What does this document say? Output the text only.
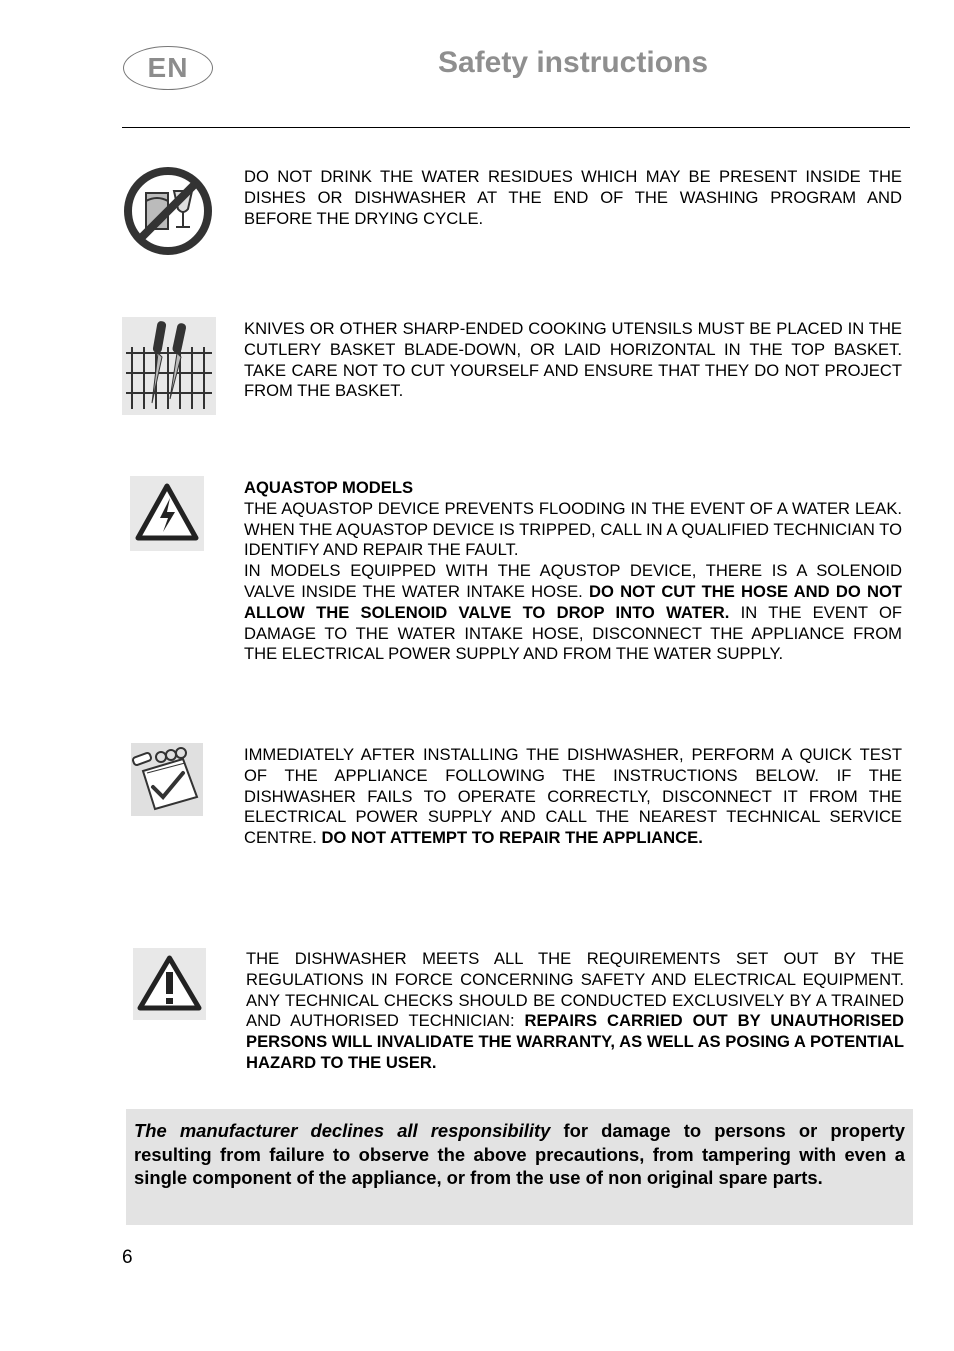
EN	Safety instructions
DO NOT DRINK THE WATER RESIDUES WHICH MAY BE PRESENT INSIDE THE DISHES OR DISHWASHER AT THE END OF THE WASHING PROGRAM AND BEFORE THE DRYING CYCLE.
KNIVES OR OTHER SHARP-ENDED COOKING UTENSILS MUST BE PLACED IN THE CUTLERY BASKET BLADE-DOWN, OR LAID HORIZONTAL IN THE TOP BASKET. TAKE CARE NOT TO CUT YOURSELF AND ENSURE THAT THEY DO NOT PROJECT FROM THE BASKET.
AQUASTOP MODELS
THE AQUASTOP DEVICE PREVENTS FLOODING IN THE EVENT OF A WATER LEAK. WHEN THE AQUASTOP DEVICE IS TRIPPED, CALL IN A QUALIFIED TECHNICIAN TO IDENTIFY AND REPAIR THE FAULT.
IN MODELS EQUIPPED WITH THE AQUSTOP DEVICE, THERE IS A SOLENOID VALVE INSIDE THE WATER INTAKE HOSE. DO NOT CUT THE HOSE AND DO NOT ALLOW THE SOLENOID VALVE TO DROP INTO WATER. IN THE EVENT OF DAMAGE TO THE WATER INTAKE HOSE, DISCONNECT THE APPLIANCE FROM THE ELECTRICAL POWER SUPPLY AND FROM THE WATER SUPPLY.
IMMEDIATELY AFTER INSTALLING THE DISHWASHER, PERFORM A QUICK TEST OF THE APPLIANCE FOLLOWING THE INSTRUCTIONS BELOW. IF THE DISHWASHER FAILS TO OPERATE CORRECTLY, DISCONNECT IT FROM THE ELECTRICAL POWER SUPPLY AND CALL THE NEAREST TECHNICAL SERVICE CENTRE. DO NOT ATTEMPT TO REPAIR THE APPLIANCE.
THE DISHWASHER MEETS ALL THE REQUIREMENTS SET OUT BY THE REGULATIONS IN FORCE CONCERNING SAFETY AND ELECTRICAL EQUIPMENT. ANY TECHNICAL CHECKS SHOULD BE CONDUCTED EXCLUSIVELY BY A TRAINED AND AUTHORISED TECHNICIAN: REPAIRS CARRIED OUT BY UNAUTHORISED PERSONS WILL INVALIDATE THE WARRANTY, AS WELL AS POSING A POTENTIAL HAZARD TO THE USER.
The manufacturer declines all responsibility for damage to persons or property resulting from failure to observe the above precautions, from tampering with even a single component of the appliance, or from the use of non original spare parts.
6
